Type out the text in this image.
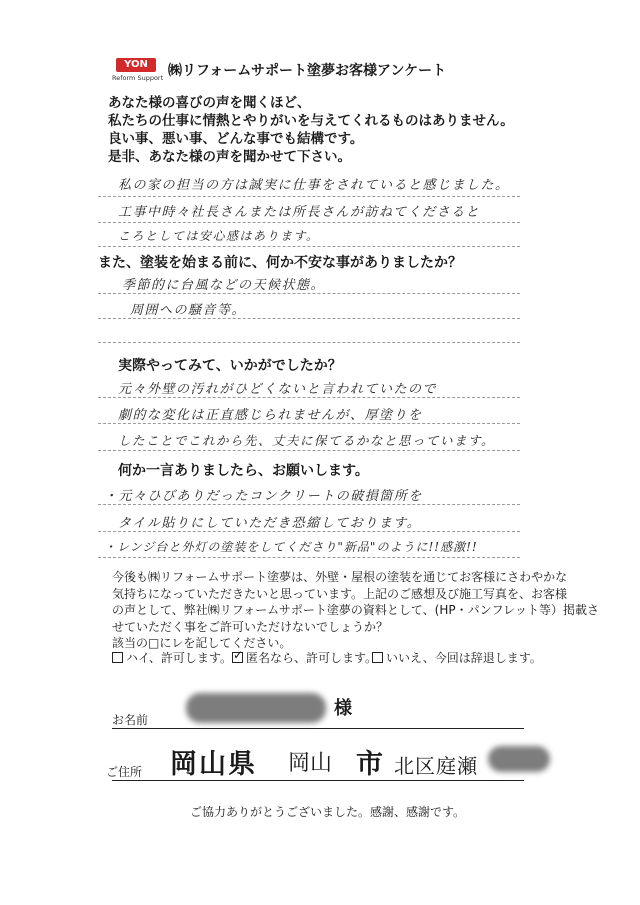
YON
Reform Support ㈱リフォームサポート塗夢お客様アンケート
あなた様の喜びの声を聞くほど、
私たちの仕事に情熱とやりがいを与えてくれるものはありません。
良い事、悪い事、どんな事でも結構です。
是非、あなた様の声を聞かせて下さい。
私の家の担当の方は誠実に仕事をされていると感じました。
工事中時々社長さんまたは所長さんが訪ねてくださると
ころとしては安心感はあります。
また、塗装を始まる前に、何か不安な事がありましたか？
季節的に台風などの天候状態。
周囲への騒音等。
実際やってみて、いかがでしたか？
元々外壁の汚れがひどくないと言われていたので
劇的な変化は正直感じられませんが、厚塗りを
したことでこれから先、丈夫に保てるかなと思っています。
何か一言ありましたら、お願いします。
・元々ひびありだったコンクリートの破損箇所を
タイル貼りにしていただき恐縮しております。
・レンジ台と外灯の塗装をしてくださり"新品"のように!!感激!!
今後も㈱リフォームサポート塗夢は、外壁・屋根の塗装を通じてお客様にさわやかな
気持ちになっていただきたいと思っています。上記のご感想及び施工写真を、お客様
の声として、弊社㈱リフォームサポート塗夢の資料として、(HP・パンフレット等）掲載さ
せていただく事をご許可いただけないでしょうか？
該当の□にレを記してください。
ハイ、許可します。
✓	匿名なら、許可します。 いいえ、今回は辞退します。
お名前
様
ご住所 岡山県 岡山 市 北区庭瀬
ご協力ありがとうございました。感謝、感謝です。
